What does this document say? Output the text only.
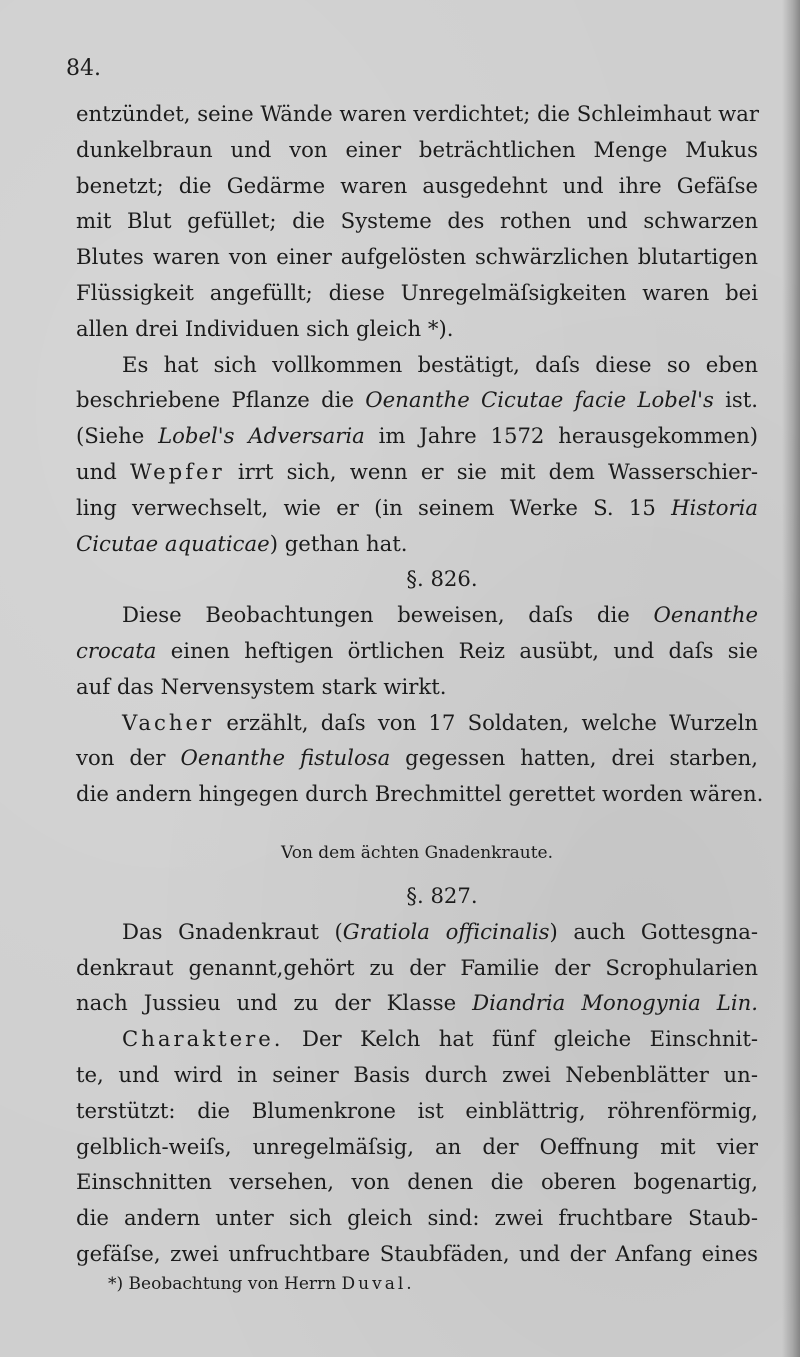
84.

entzündet, seine Wände waren verdichtet; die Schleimhaut war
dunkelbraun und von einer beträchtlichen Menge Mukus
benetzt; die Gedärme waren ausgedehnt und ihre Gefäſse
mit Blut gefüllet; die Systeme des rothen und schwarzen
Blutes waren von einer aufgelösten schwärzlichen blutartigen
Flüssigkeit angefüllt; diese Unregelmäſsigkeiten waren bei
allen drei Individuen sich gleich *).

Es hat sich vollkommen bestätigt, daſs diese so eben
beschriebene Pflanze die Oenanthe Cicutae facie Lobel's ist.
(Siehe Lobel's Adversaria im Jahre 1572 herausgekommen)
und Wepfer irrt sich, wenn er sie mit dem Wasserschier-
ling verwechselt, wie er (in seinem Werke S. 15 Historia
Cicutae aquaticae) gethan hat.

§. 826.

Diese Beobachtungen beweisen, daſs die Oenanthe
crocata einen heftigen örtlichen Reiz ausübt, und daſs sie
auf das Nervensystem stark wirkt.

Vacher erzählt, daſs von 17 Soldaten, welche Wurzeln
von der Oenanthe fistulosa gegessen hatten, drei starben,
die andern hingegen durch Brechmittel gerettet worden wären.

Von dem ächten Gnadenkraute.
§. 827.

Das Gnadenkraut (Gratiola officinalis) auch Gottesgna-
denkraut genannt,gehört zu der Familie der Scrophularien
nach Jussieu und zu der Klasse Diandria Monogynia Lin.
Charaktere. Der Kelch hat fünf gleiche Einschnit-
te, und wird in seiner Basis durch zwei Nebenblätter un-
terstützt: die Blumenkrone ist einblättrig, röhrenförmig,
gelblich-weiſs, unregelmäſsig, an der Oeffnung mit vier
Einschnitten versehen, von denen die oberen bogenartig,
die andern unter sich gleich sind: zwei fruchtbare Staub-
gefäſse, zwei unfruchtbare Staubfäden, und der Anfang eines

*) Beobachtung von Herrn Duval.
